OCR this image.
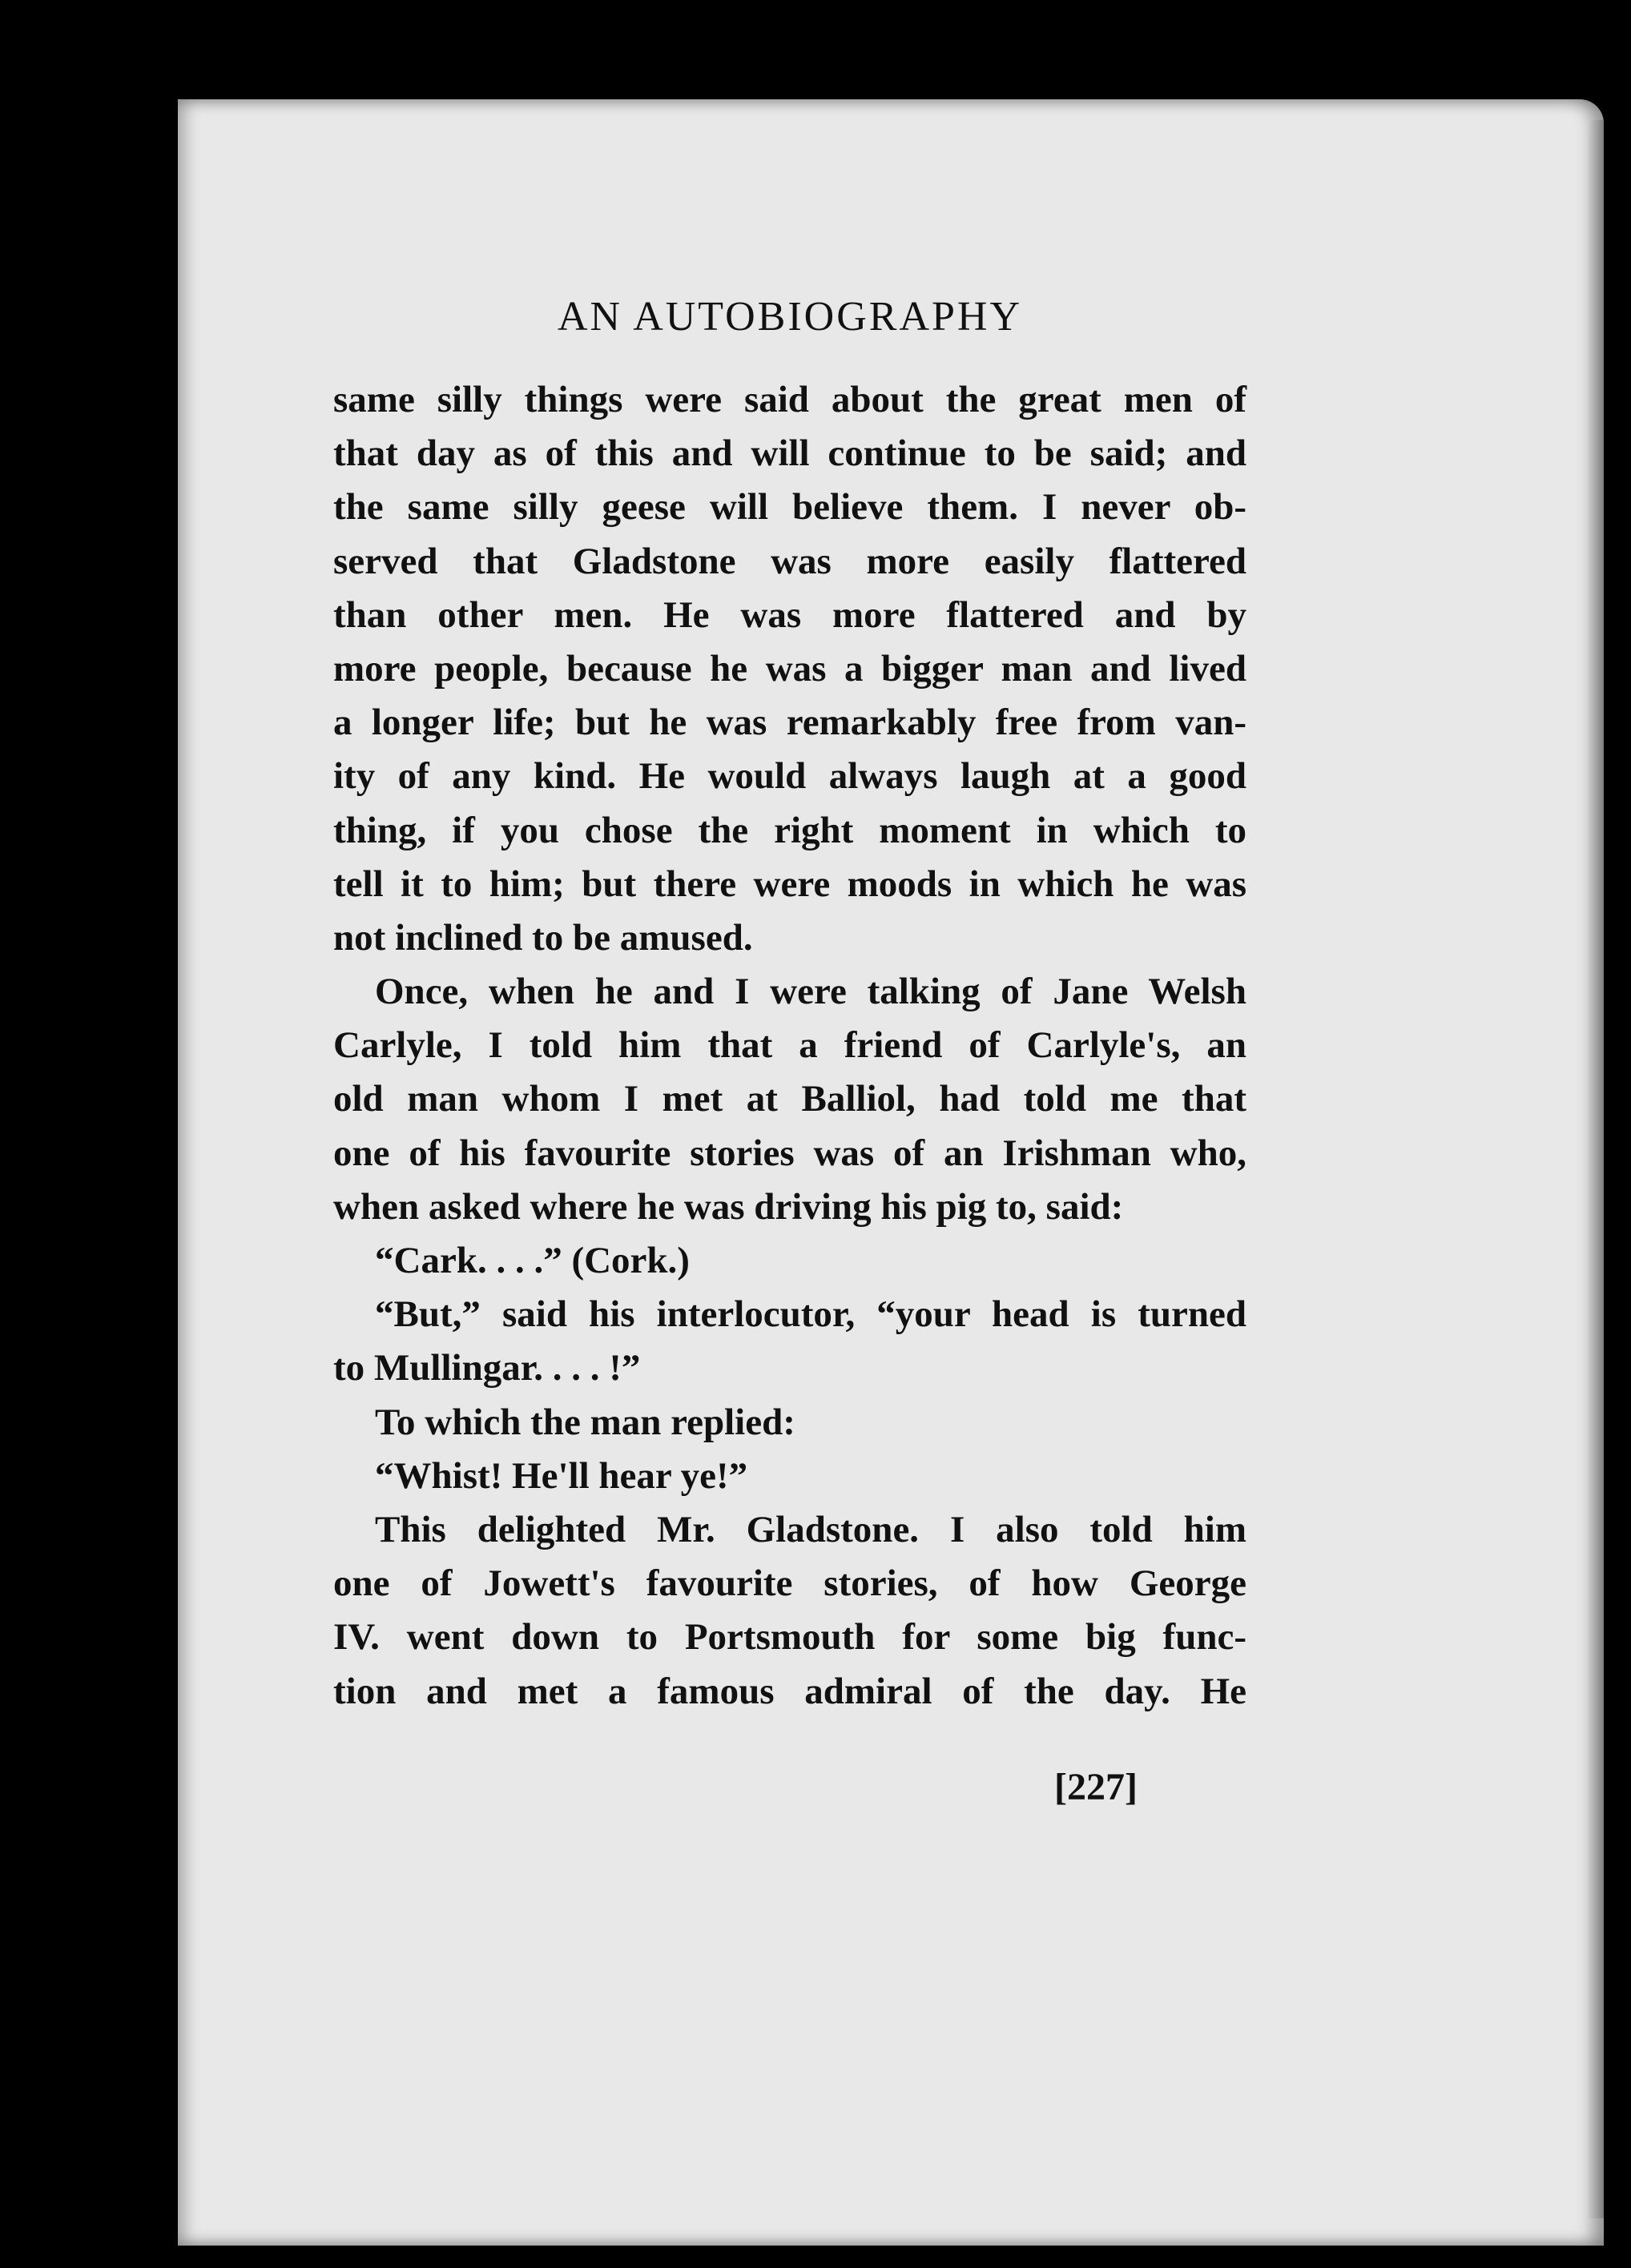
AN AUTOBIOGRAPHY
same silly things were said about the great men of
that day as of this and will continue to be said; and
the same silly geese will believe them. I never ob-
served that Gladstone was more easily flattered
than other men. He was more flattered and by
more people, because he was a bigger man and lived
a longer life; but he was remarkably free from van-
ity of any kind. He would always laugh at a good
thing, if you chose the right moment in which to
tell it to him; but there were moods in which he was
not inclined to be amused.
Once, when he and I were talking of Jane Welsh
Carlyle, I told him that a friend of Carlyle's, an
old man whom I met at Balliol, had told me that
one of his favourite stories was of an Irishman who,
when asked where he was driving his pig to, said:
“Cark. . . .” (Cork.)
“But,” said his interlocutor, “your head is turned
to Mullingar. . . . !”
To which the man replied:
“Whist! He'll hear ye!”
This delighted Mr. Gladstone. I also told him
one of Jowett's favourite stories, of how George
IV. went down to Portsmouth for some big func-
tion and met a famous admiral of the day. He
[227]
